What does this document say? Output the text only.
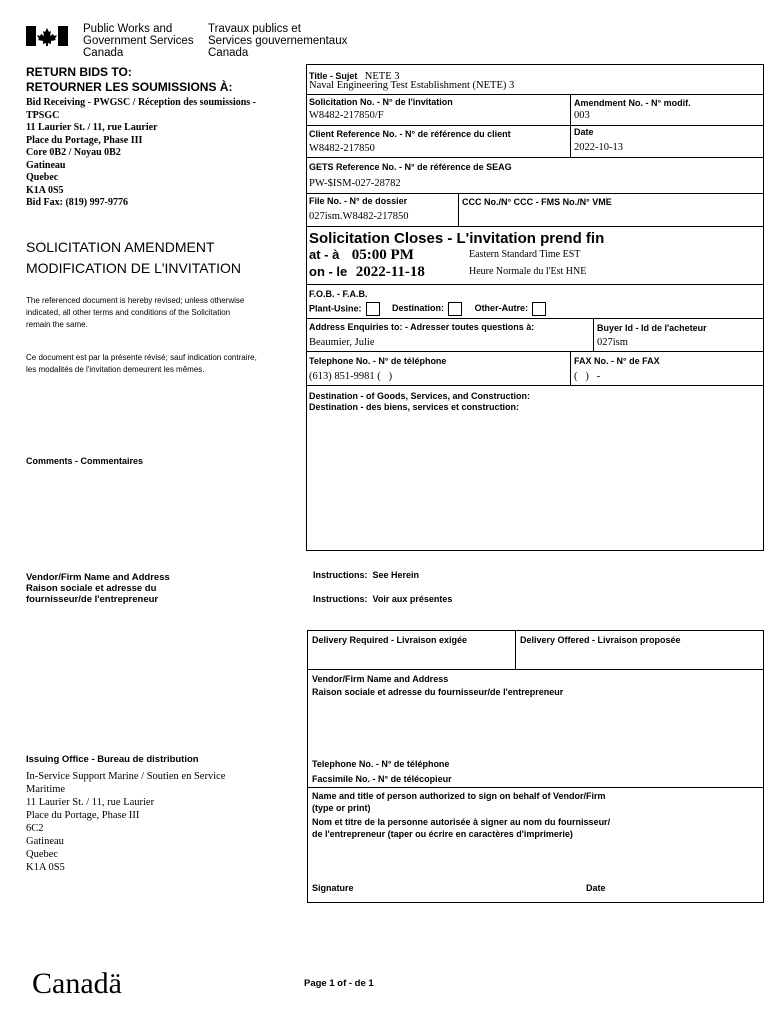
Public Works and
Government Services
Canada
Travaux publics et
Services gouvernementaux
Canada
RETURN BIDS TO:
RETOURNER LES SOUMISSIONS À:
Bid Receiving - PWGSC / Réception des soumissions -
TPSGC
11 Laurier St. / 11, rue Laurier
Place du Portage, Phase III
Core 0B2 / Noyau 0B2
Gatineau
Quebec
K1A 0S5
Bid Fax: (819) 997-9776
SOLICITATION AMENDMENT
MODIFICATION DE L'INVITATION
The referenced document is hereby revised; unless otherwise
indicated, all other terms and conditions of the Solicitation
remain the same.
Ce document est par la présente révisé; sauf indication contraire,
les modalités de l'invitation demeurent les mêmes.
Comments - Commentaires
Vendor/Firm Name and Address
Raison sociale et adresse du
fournisseur/de l'entrepreneur
Issuing Office - Bureau de distribution
In-Service Support Marine / Soutien en Service
Maritime
11 Laurier St. / 11, rue Laurier
Place du Portage, Phase III
6C2
Gatineau
Quebec
K1A 0S5
Title - Sujet NETE 3
Naval Engineering Test Establishment (NETE) 3
Solicitation No. - N° de l'invitation
W8482-217850/F
Amendment No. - N° modif.
003
Client Reference No. - N° de référence du client
W8482-217850
Date
2022-10-13
GETS Reference No. - N° de référence de SEAG
PW-$ISM-027-28782
File No. - N° de dossier
027ism.W8482-217850
CCC No./N° CCC - FMS No./N° VME
Solicitation Closes - L'invitation prend fin
at - à 05:00 PM
on - le 2022-11-18
Eastern Standard Time EST
Heure Normale du l'Est HNE
F.O.B. - F.A.B.
Plant-Usine:	Destination:	Other-Autre:
Address Enquiries to: - Adresser toutes questions à:
Beaumier, Julie
Buyer Id - Id de l'acheteur
027ism
Telephone No. - N° de téléphone
(613) 851-9981 (   )
FAX No. - N° de FAX
(   )   -
Destination - of Goods, Services, and Construction:
Destination - des biens, services et construction:
Instructions:  See Herein
Instructions:  Voir aux présentes
Delivery Required - Livraison exigée	Delivery Offered - Livraison proposée
Vendor/Firm Name and Address
Raison sociale et adresse du fournisseur/de l'entrepreneur
Telephone No. - N° de téléphone
Facsimile No. - N° de télécopieur
Name and title of person authorized to sign on behalf of Vendor/Firm
(type or print)
Nom et titre de la personne autorisée à signer au nom du fournisseur/
de l'entrepreneur (taper ou écrire en caractères d'imprimerie)
Signature	Date
Canadä	Page 1 of - de 1
